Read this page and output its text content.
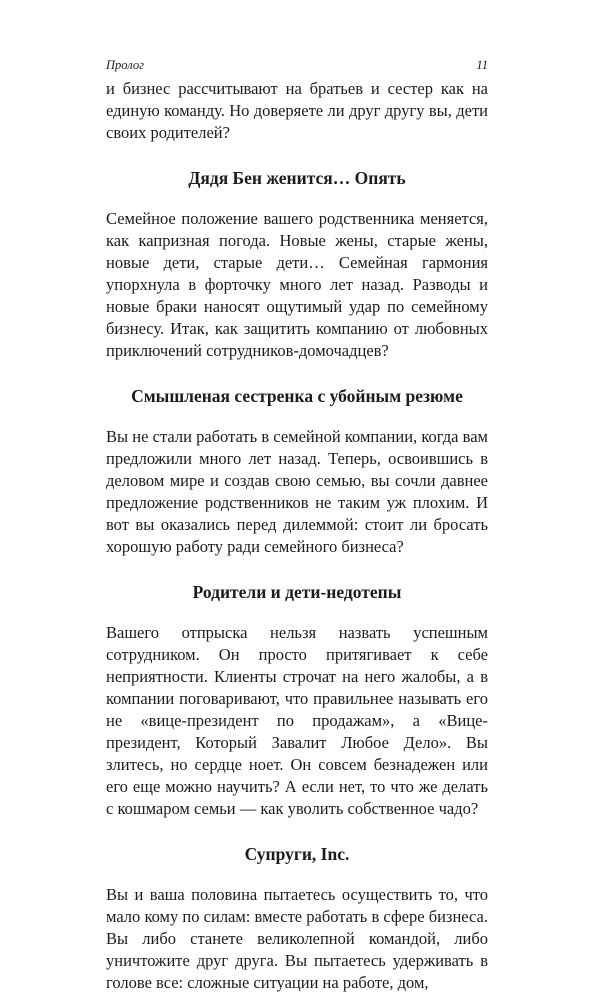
Пролог	11

и бизнес рассчитывают на братьев и сестер как на единую команду. Но доверяете ли друг другу вы, дети своих родителей?

Дядя Бен женится… Опять

Семейное положение вашего родственника меняется, как капризная погода. Новые жены, старые жены, новые дети, старые дети… Семейная гармония упорхнула в форточку много лет назад. Разводы и новые браки наносят ощутимый удар по семейному бизнесу. Итак, как защитить компанию от любовных приключений сотрудников-домочадцев?

Смышленая сестренка с убойным резюме

Вы не стали работать в семейной компании, когда вам предложили много лет назад. Теперь, освоившись в деловом мире и создав свою семью, вы сочли давнее предложение родственников не таким уж плохим. И вот вы оказались перед дилеммой: стоит ли бросать хорошую работу ради семейного бизнеса?

Родители и дети-недотепы

Вашего отпрыска нельзя назвать успешным сотрудником. Он просто притягивает к себе неприятности. Клиенты строчат на него жалобы, а в компании поговаривают, что правильнее называть его не «вице-президент по продажам», а «Вице-президент, Который Завалит Любое Дело». Вы злитесь, но сердце ноет. Он совсем безнадежен или его еще можно научить? А если нет, то что же делать с кошмаром семьи — как уволить собственное чадо?

Супруги, Inc.

Вы и ваша половина пытаетесь осуществить то, что мало кому по силам: вместе работать в сфере бизнеса. Вы либо станете великолепной командой, либо уничтожите друг друга. Вы пытаетесь удерживать в голове все: сложные ситуации на работе, дом,
